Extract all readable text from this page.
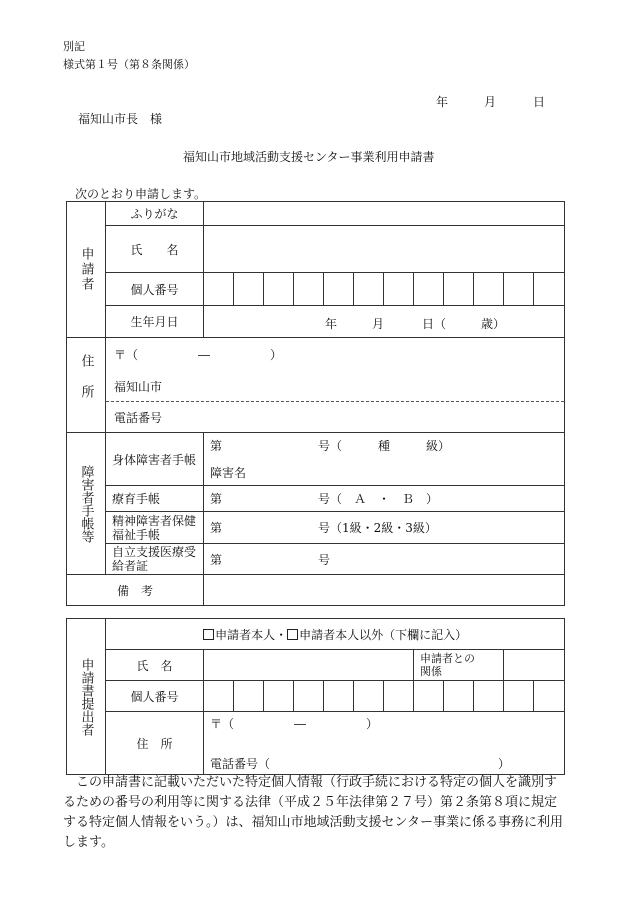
別記
様式第１号（第８条関係）
年	月	日
福知山市長　様
福知山市地域活動支援センター事業利用申請書
次のとおり申請します。
申請者	ふりがな												
	氏　　名												
	個人番号												
	生年月日	年 月 日（ 歳）											

住所	〒（　　　　　―　　　　　）
福知山市
電話番号												

障害者手帳等	身体障害者手帳	第　　　　　　　　号（　　　種　　　級）
障害名											

	療育手帳	第　　　　　　　　号（　Ａ　・　Ｂ　）											

	精神障害者保健
福祉手帳	第　　　　　　　　号（1級・2級・3級）											

	自立支援医療受
給者証	第　　　　　　　　号											
備　考													
申請書提出者	申請者本人・ 申請者本人以外（下欄に記入）												
	氏　名								申請者との
関係				

	個人番号												
	住　所	〒（　　　　　―　　　　　）
電話番号（　　　　　　　　　　　　　　　　　　　）											
この申請書に記載いただいた特定個人情報（行政手続における特定の個人を識別するための番号の利用等に関する法律（平成２５年法律第２７号）第２条第８項に規定する特定個人情報をいう。）は、福知山市地域活動支援センター事業に係る事務に利用します。
